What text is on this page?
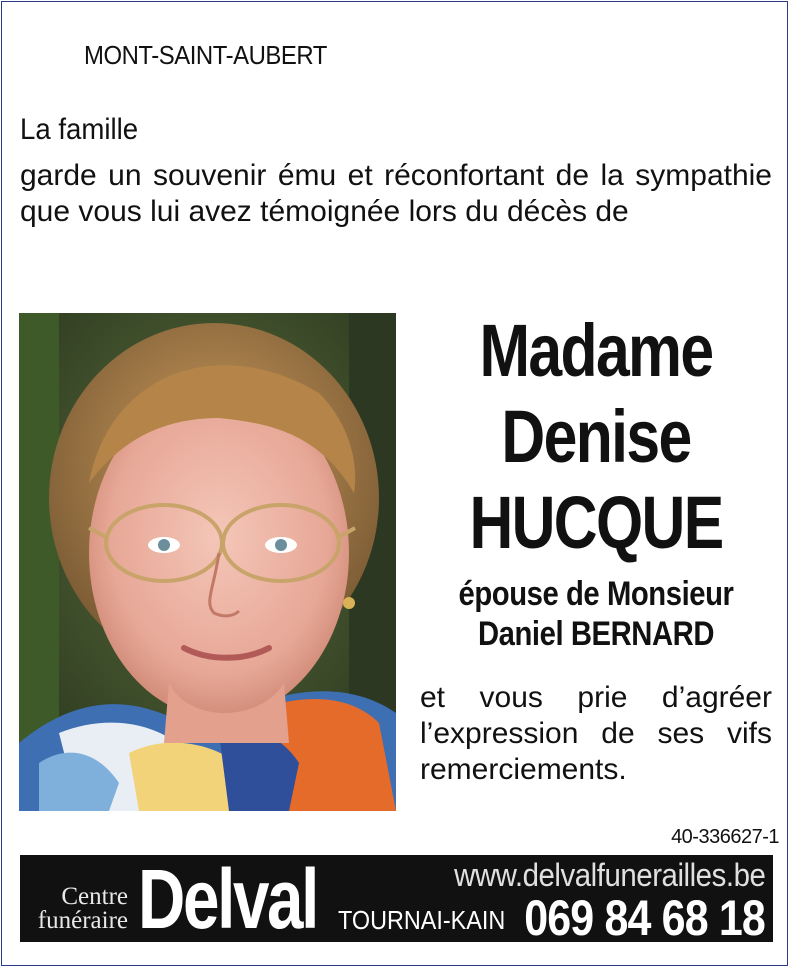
MONT-SAINT-AUBERT
La famille
garde un souvenir ému et réconfortant de la sympathie que vous lui avez témoignée lors du décès de
Madame
Denise
HUCQUE
épouse de Monsieur
Daniel BERNARD
et vous prie d’agréer l’expression de ses vifs remerciements.
40-336627-1
Centre
funéraire Delval	www.delvalfunerailles.be
TOURNAI-KAIN 069 84 68 18
